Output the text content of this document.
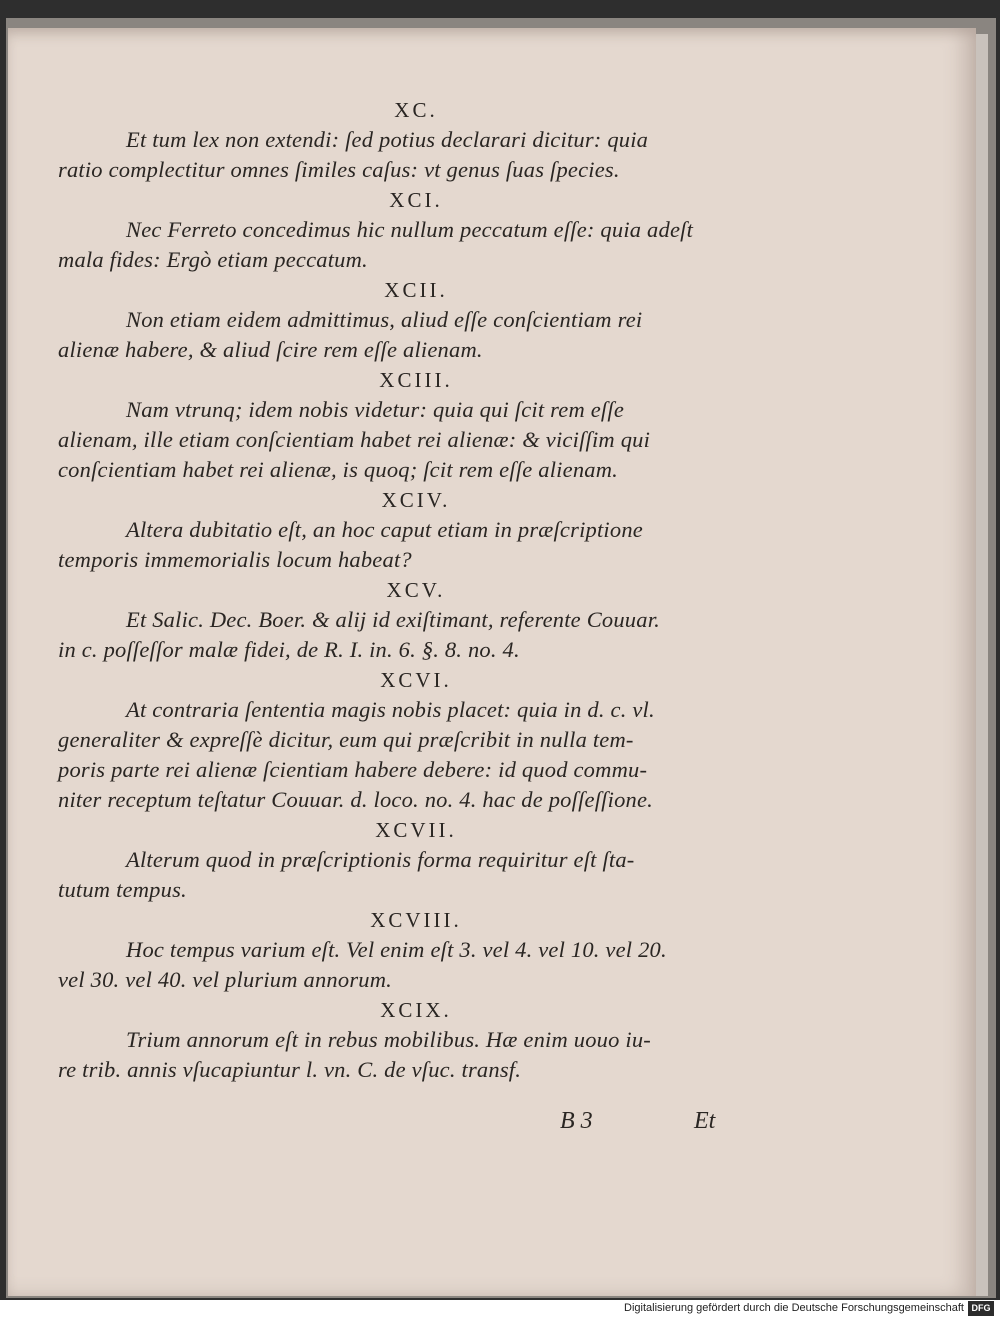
XC.
Et tum lex non extendi: ſed potius declarari dicitur: quia
ratio complectitur omnes ſimiles caſus: vt genus ſuas ſpecies.
XCI.
Nec Ferreto concedimus hic nullum peccatum eſſe: quia adeſt
mala fides: Ergò etiam peccatum.
XCII.
Non etiam eidem admittimus, aliud eſſe conſcientiam rei
alienæ habere, & aliud ſcire rem eſſe alienam.
XCIII.
Nam vtrunq; idem nobis videtur: quia qui ſcit rem eſſe
alienam, ille etiam conſcientiam habet rei alienæ: & viciſſim qui
conſcientiam habet rei alienæ, is quoq; ſcit rem eſſe alienam.
XCIV.
Altera dubitatio eſt, an hoc caput etiam in præſcriptione
temporis immemorialis locum habeat?
XCV.
Et Salic. Dec. Boer. & alij id exiſtimant, referente Couuar.
in c. poſſeſſor malæ fidei, de R. I. in. 6. §. 8. no. 4.
XCVI.
At contraria ſententia magis nobis placet: quia in d. c. vl.
generaliter & expreſſè dicitur, eum qui præſcribit in nulla tem-
poris parte rei alienæ ſcientiam habere debere: id quod commu-
niter receptum teſtatur Couuar. d. loco. no. 4. hac de poſſeſſione.
XCVII.
Alterum quod in præſcriptionis forma requiritur eſt ſta-
tutum tempus.
XCVIII.
Hoc tempus varium eſt. Vel enim eſt 3. vel 4. vel 10. vel 20.
vel 30. vel 40. vel plurium annorum.
XCIX.
Trium annorum eſt in rebus mobilibus. Hæ enim uouo iu-
re trib. annis vſucapiuntur l. vn. C. de vſuc. transf.
B 3	Et
Digitalisierung gefördert durch die Deutsche Forschungsgemeinschaft DFG
